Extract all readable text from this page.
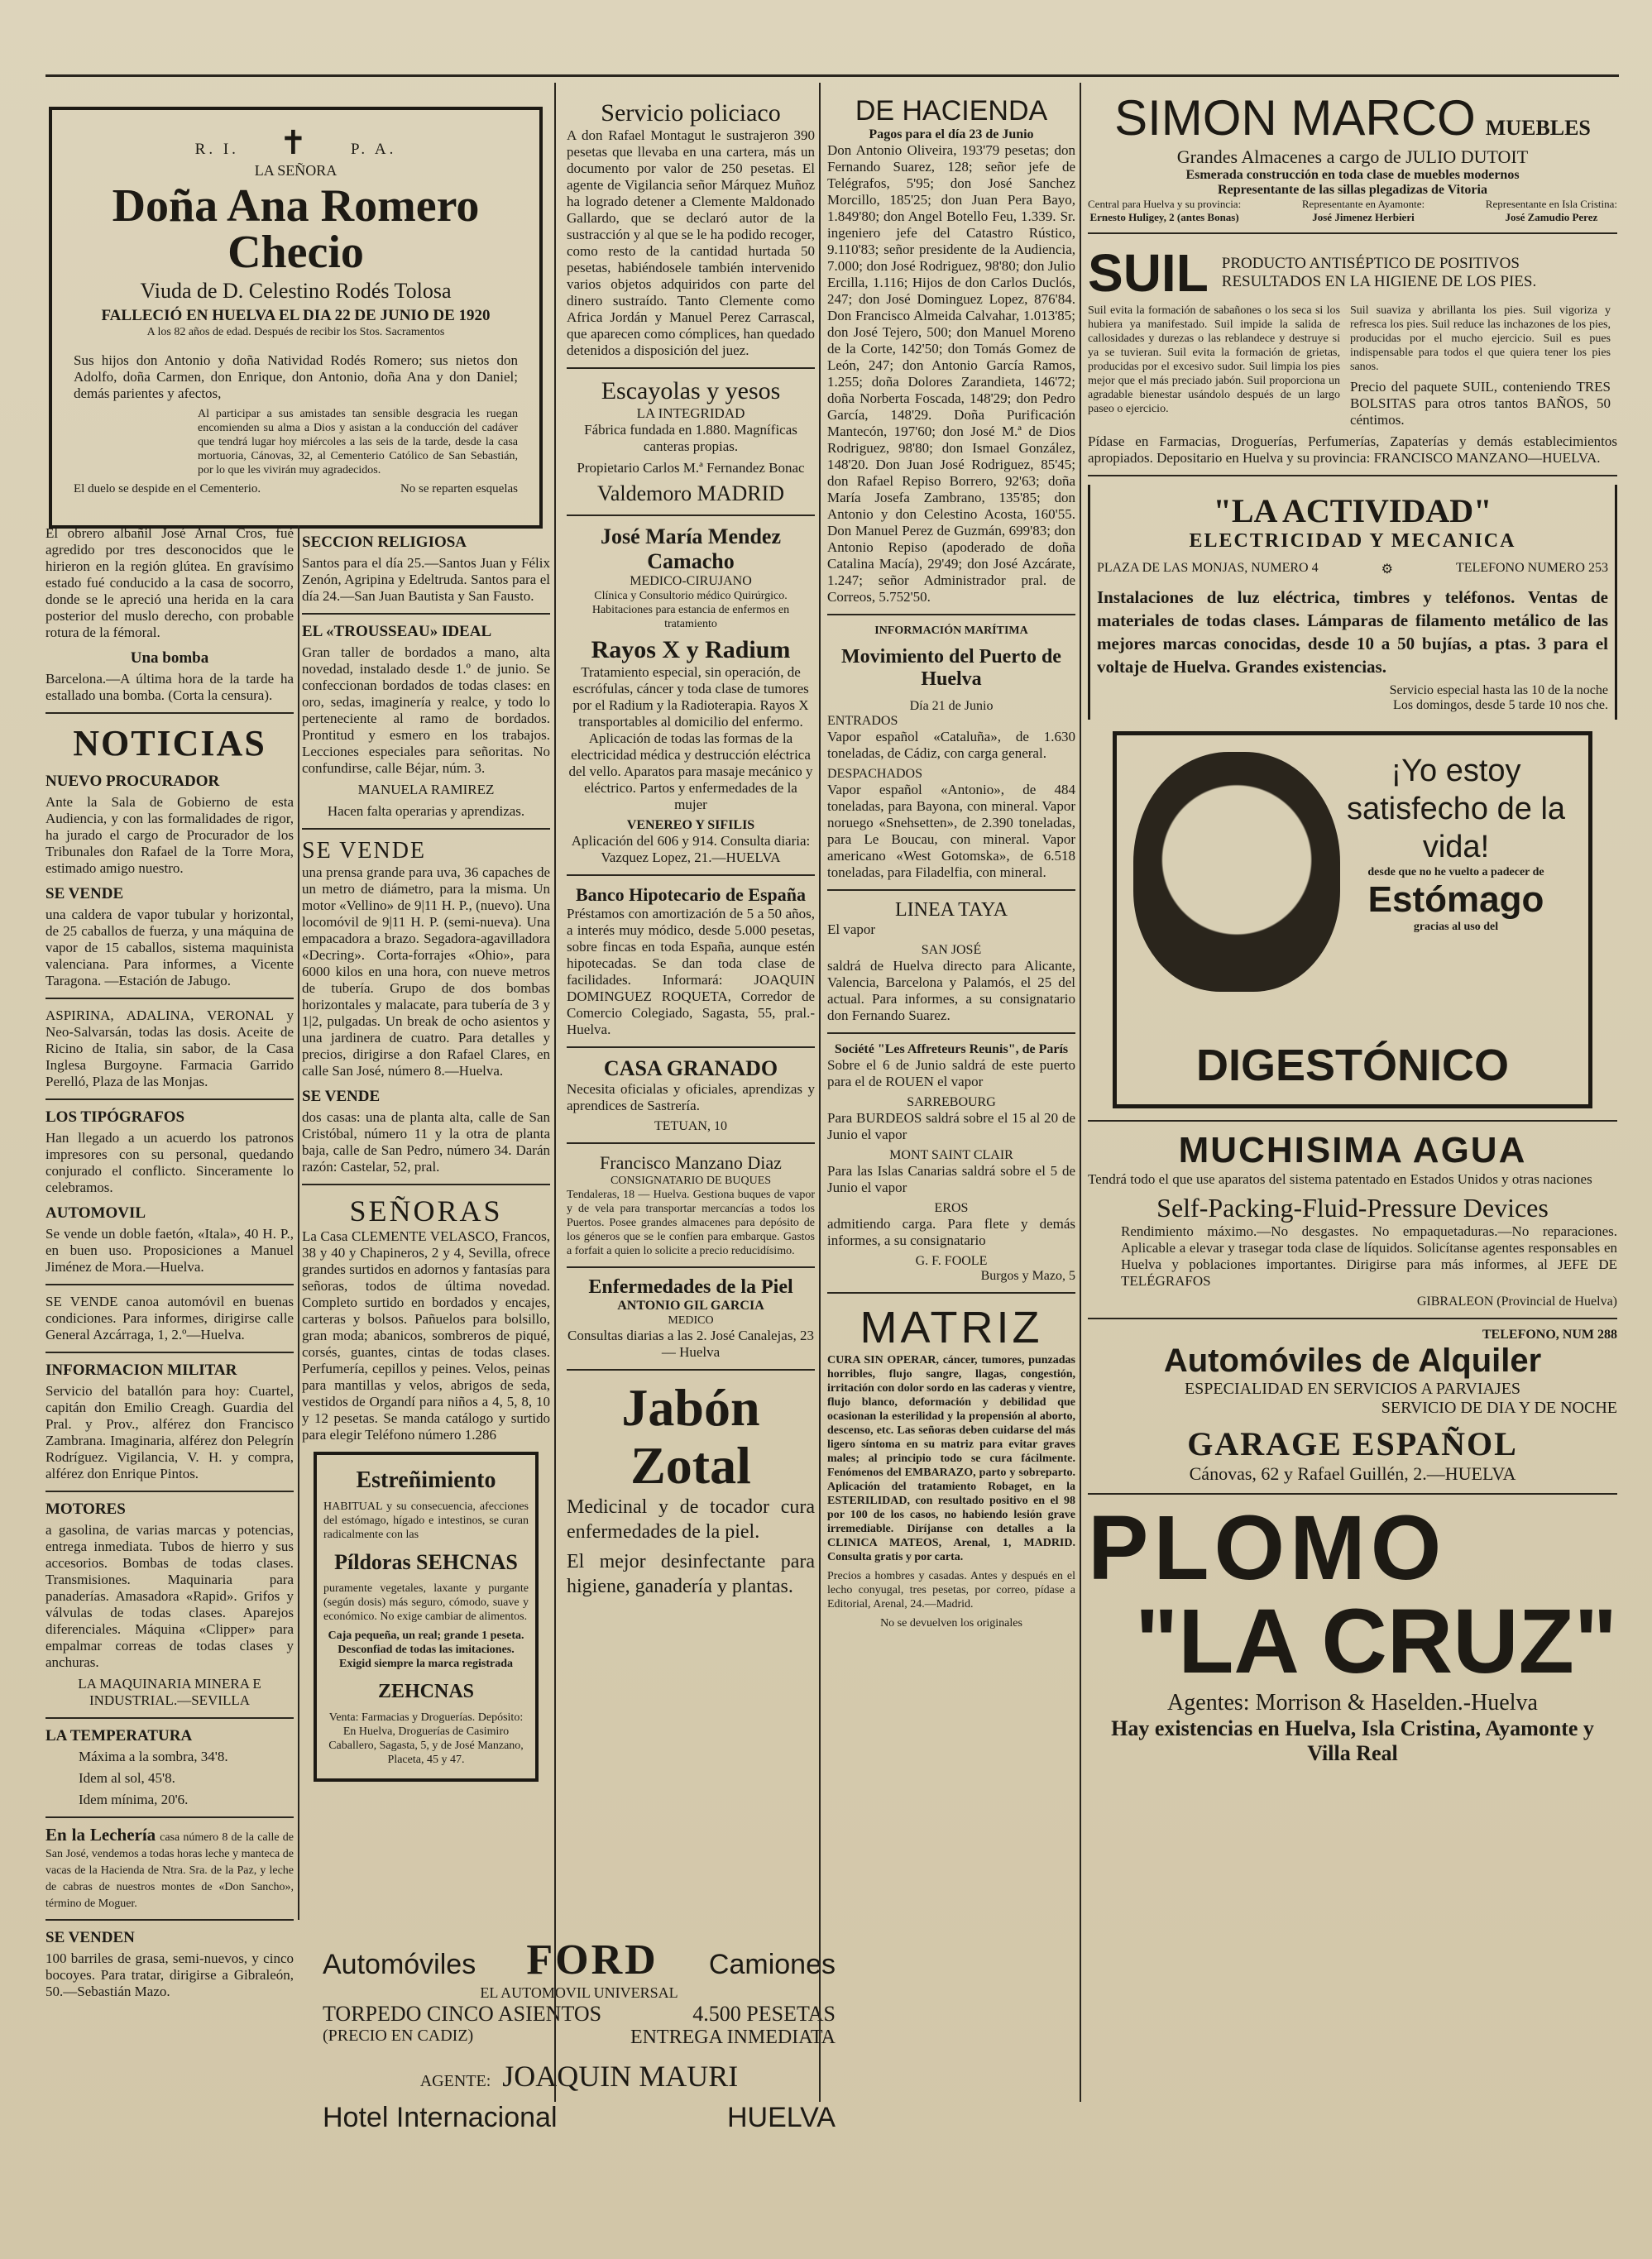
R. I. ✝	P. A.
LA SEÑORA
Doña Ana Romero Checio
Viuda de D. Celestino Rodés Tolosa
FALLECIÓ EN HUELVA EL DIA 22 DE JUNIO DE 1920
A los 82 años de edad. Después de recibir los Stos. Sacramentos

Sus hijos don Antonio y doña Natividad Rodés Romero; sus nietos don Adolfo, doña Carmen, don Enrique, don Antonio, doña Ana y don Daniel; demás parientes y afectos,

Al participar a sus amistades tan sensible desgracia les ruegan encomienden su alma a Dios y asistan a la conducción del cadáver que tendrá lugar hoy miércoles a las seis de la tarde, desde la casa mortuoria, Cánovas, 32, al Cementerio Católico de San Sebastián, por lo que les vivirán muy agradecidos.

El duelo se despide en el Cementerio.	No se reparten esquelas

El obrero albañil José Arnal Cros, fué agredido por tres desconocidos que le hirieron en la región glútea. En gravísimo estado fué conducido a la casa de socorro, donde se le apreció una herida en la cara posterior del muslo derecho, con probable rotura de la fémoral.

Una bomba

Barcelona.—A última hora de la tarde ha estallado una bomba. (Corta la censura).

NOTICIAS
NUEVO PROCURADOR

Ante la Sala de Gobierno de esta Audiencia, y con las formalidades de rigor, ha jurado el cargo de Procurador de los Tribunales don Rafael de la Torre Mora, estimado amigo nuestro.

SE VENDE

una caldera de vapor tubular y horizontal, de 25 caballos de fuerza, y una máquina de vapor de 15 caballos, sistema maquinista valenciana. Para informes, a Vicente Taragona. —Estación de Jabugo.

ASPIRINA, ADALINA, VERONAL y Neo-Salvarsán, todas las dosis. Aceite de Ricino de Italia, sin sabor, de la Casa Inglesa Burgoyne. Farmacia Garrido Perelló, Plaza de las Monjas.

LOS TIPÓGRAFOS

Han llegado a un acuerdo los patronos impresores con su personal, quedando conjurado el conflicto. Sinceramente lo celebramos.

AUTOMOVIL

Se vende un doble faetón, «Itala», 40 H. P., en buen uso. Proposiciones a Manuel Jiménez de Mora.—Huelva.

SE VENDE canoa automóvil en buenas condiciones. Para informes, dirigirse calle General Azcárraga, 1, 2.º—Huelva.

INFORMACION MILITAR

Servicio del batallón para hoy: Cuartel, capitán don Emilio Creagh. Guardia del Pral. y Prov., alférez don Francisco Zambrana. Imaginaria, alférez don Pelegrín Rodríguez. Vigilancia, V. H. y compra, alférez don Enrique Pintos.

MOTORES

a gasolina, de varias marcas y potencias, entrega inmediata. Tubos de hierro y sus accesorios. Bombas de todas clases. Transmisiones. Maquinaria para panaderías. Amasadora «Rapid». Grifos y válvulas de todas clases. Aparejos diferenciales. Máquina «Clipper» para empalmar correas de todas clases y anchuras.

LA MAQUINARIA MINERA E INDUSTRIAL.—SEVILLA

LA TEMPERATURA

Máxima a la sombra, 34'8.

Idem al sol, 45'8.

Idem mínima, 20'6.

En la Lechería casa número 8 de la calle de San José, vendemos a todas horas leche y manteca de vacas de la Hacienda de Ntra. Sra. de la Paz, y leche de cabras de nuestros montes de «Don Sancho», término de Moguer.

SE VENDEN

100 barriles de grasa, semi-nuevos, y cinco bocoyes. Para tratar, dirigirse a Gibraleón, 50.—Sebastián Mazo.

SECCION RELIGIOSA

Santos para el día 25.—Santos Juan y Félix Zenón, Agripina y Edeltruda. Santos para el día 24.—San Juan Bautista y San Fausto.

EL «TROUSSEAU» IDEAL

Gran taller de bordados a mano, alta novedad, instalado desde 1.º de junio. Se confeccionan bordados de todas clases: en oro, sedas, imaginería y realce, y todo lo perteneciente al ramo de bordados. Prontitud y esmero en los trabajos. Lecciones especiales para señoritas. No confundirse, calle Béjar, núm. 3.

MANUELA RAMIREZ

Hacen falta operarias y aprendizas.

SE VENDE

una prensa grande para uva, 36 capaches de un metro de diámetro, para la misma. Un motor «Vellino» de 9|11 H. P., (nuevo). Una locomóvil de 9|11 H. P. (semi-nueva). Una empacadora a brazo. Segadora-agavilladora «Decring». Corta-forrajes «Ohio», para 6000 kilos en una hora, con nueve metros de tubería. Grupo de dos bombas horizontales y malacate, para tubería de 3 y 1|2, pulgadas. Un break de ocho asientos y una jardinera de cuatro. Para detalles y precios, dirigirse a don Rafael Clares, en calle San José, número 8.—Huelva.

SE VENDE

dos casas: una de planta alta, calle de San Cristóbal, número 11 y la otra de planta baja, calle de San Pedro, número 34. Darán razón: Castelar, 52, pral.

SEÑORAS

La Casa CLEMENTE VELASCO, Francos, 38 y 40 y Chapineros, 2 y 4, Sevilla, ofrece grandes surtidos en adornos y fantasías para señoras, todos de última novedad. Completo surtido en bordados y encajes, carteras y bolsos. Pañuelos para bolsillo, gran moda; abanicos, sombreros de piqué, corsés, guantes, cintas de todas clases. Perfumería, cepillos y peines. Velos, peinas para mantillas y velos, abrigos de seda, vestidos de Organdí para niños a 4, 5, 8, 10 y 12 pesetas. Se manda catálogo y surtido para elegir Teléfono número 1.286

Estreñimiento

HABITUAL y su consecuencia, afecciones del estómago, hígado e intestinos, se curan radicalmente con las

Píldoras SEHCNAS

puramente vegetales, laxante y purgante (según dosis) más seguro, cómodo, suave y económico. No exige cambiar de alimentos.

Caja pequeña, un real; grande 1 peseta. Desconfiad de todas las imitaciones. Exigid siempre la marca registrada

ZEHCNAS

Venta: Farmacias y Droguerías. Depósito: En Huelva, Droguerías de Casimiro Caballero, Sagasta, 5, y de José Manzano, Placeta, 45 y 47.

Automóviles FORD Camiones
EL AUTOMOVIL UNIVERSAL
TORPEDO CINCO ASIENTOS	4.500 PESETAS
(PRECIO EN CADIZ)	ENTREGA INMEDIATA
AGENTE: JOAQUIN MAURI
Hotel Internacional	HUELVA
Servicio policiaco

A don Rafael Montagut le sustrajeron 390 pesetas que llevaba en una cartera, más un documento por valor de 250 pesetas. El agente de Vigilancia señor Márquez Muñoz ha logrado detener a Clemente Maldonado Gallardo, que se declaró autor de la sustracción y al que se le ha podido recoger, como resto de la cantidad hurtada 50 pesetas, habiéndosele también intervenido varios objetos adquiridos con parte del dinero sustraído. Tanto Clemente como Africa Jordán y Manuel Perez Carrascal, que aparecen como cómplices, han quedado detenidos a disposición del juez.

Escayolas y yesos
LA INTEGRIDAD

Fábrica fundada en 1.880. Magníficas canteras propias.

Propietario Carlos M.ª Fernandez Bonac

Valdemoro MADRID
José María Mendez Camacho
MEDICO-CIRUJANO

Clínica y Consultorio médico Quirúrgico. Habitaciones para estancia de enfermos en tratamiento

Rayos X y Radium

Tratamiento especial, sin operación, de escrófulas, cáncer y toda clase de tumores por el Radium y la Radioterapia. Rayos X transportables al domicilio del enfermo. Aplicación de todas las formas de la electricidad médica y destrucción eléctrica del vello. Aparatos para masaje mecánico y eléctrico. Partos y enfermedades de la mujer

VENEREO Y SIFILIS

Aplicación del 606 y 914. Consulta diaria: Vazquez Lopez, 21.—HUELVA

Banco Hipotecario de España

Préstamos con amortización de 5 a 50 años, a interés muy módico, desde 5.000 pesetas, sobre fincas en toda España, aunque estén hipotecadas. Se dan toda clase de facilidades. Informará: JOAQUIN DOMINGUEZ ROQUETA, Corredor de Comercio Colegiado, Sagasta, 55, pral.-Huelva.

CASA GRANADO

Necesita oficialas y oficiales, aprendizas y aprendices de Sastrería.

TETUAN, 10
Francisco Manzano Diaz
CONSIGNATARIO DE BUQUES

Tendaleras, 18 — Huelva. Gestiona buques de vapor y de vela para transportar mercancías a todos los Puertos. Posee grandes almacenes para depósito de los géneros que se le confíen para embarque. Gastos a forfait a quien lo solicite a precio reducidísimo.

Enfermedades de la Piel
ANTONIO GIL GARCIA
MEDICO

Consultas diarias a las 2. José Canalejas, 23 — Huelva

Jabón Zotal

Medicinal y de tocador cura enfermedades de la piel.

El mejor desinfectante para higiene, ganadería y plantas.

DE HACIENDA
Pagos para el día 23 de Junio

Don Antonio Oliveira, 193'79 pesetas; don Fernando Suarez, 128; señor jefe de Telégrafos, 5'95; don José Sanchez Morcillo, 185'25; don Juan Pera Bayo, 1.849'80; don Angel Botello Feu, 1.339. Sr. ingeniero jefe del Catastro Rústico, 9.110'83; señor presidente de la Audiencia, 7.000; don José Rodriguez, 98'80; don Julio Ercilla, 1.116; Hijos de don Carlos Duclós, 247; don José Dominguez Lopez, 876'84. Don Francisco Almeida Calvahar, 1.013'85; don José Tejero, 500; don Manuel Moreno de la Corte, 142'50; don Tomás Gomez de León, 247; don Antonio García Ramos, 1.255; doña Dolores Zarandieta, 146'72; doña Norberta Foscada, 148'29; don Pedro García, 148'29. Doña Purificación Mantecón, 197'60; don José M.ª de Dios Rodriguez, 98'80; don Ismael González, 148'20. Don Juan José Rodriguez, 85'45; don Rafael Repiso Borrero, 92'63; doña María Josefa Zambrano, 135'85; don Antonio y don Celestino Acosta, 160'55. Don Manuel Perez de Guzmán, 699'83; don Antonio Repiso (apoderado de doña Catalina Macía), 29'49; don José Azcárate, 1.247; señor Administrador pral. de Correos, 5.752'50.

INFORMACIÓN MARÍTIMA
Movimiento del Puerto de Huelva
Día 21 de Junio
ENTRADOS

Vapor español «Cataluña», de 1.630 toneladas, de Cádiz, con carga general.

DESPACHADOS

Vapor español «Antonio», de 484 toneladas, para Bayona, con mineral. Vapor noruego «Snehsetten», de 2.390 toneladas, para Le Boucau, con mineral. Vapor americano «West Gotomska», de 6.518 toneladas, para Filadelfia, con mineral.

LINEA TAYA

El vapor

SAN JOSÉ

saldrá de Huelva directo para Alicante, Valencia, Barcelona y Palamós, el 25 del actual. Para informes, a su consignatario don Fernando Suarez.

Société "Les Affreteurs Reunis", de París

Sobre el 6 de Junio saldrá de este puerto para el de ROUEN el vapor

SARREBOURG

Para BURDEOS saldrá sobre el 15 al 20 de Junio el vapor

MONT SAINT CLAIR

Para las Islas Canarias saldrá sobre el 5 de Junio el vapor

EROS

admitiendo carga. Para flete y demás informes, a su consignatario

G. F. FOOLE
Burgos y Mazo, 5
MATRIZ

CURA SIN OPERAR, cáncer, tumores, punzadas horribles, flujo sangre, llagas, congestión, irritación con dolor sordo en las caderas y vientre, flujo blanco, deformación y debilidad que ocasionan la esterilidad y la propensión al aborto, descenso, etc. Las señoras deben cuidarse del más ligero síntoma en su matriz para evitar graves males; al principio todo se cura fácilmente. Fenómenos del EMBARAZO, parto y sobreparto. Aplicación del tratamiento Robaget, en la ESTERILIDAD, con resultado positivo en el 98 por 100 de los casos, no habiendo lesión grave irremediable. Diríjanse con detalles a la CLINICA MATEOS, Arenal, 1, MADRID. Consulta gratis y por carta.

Precios a hombres y casadas. Antes y después en el lecho conyugal, tres pesetas, por correo, pídase a Editorial, Arenal, 24.—Madrid.

No se devuelven los originales

SIMON MARCO MUEBLES
Grandes Almacenes a cargo de JULIO DUTOIT
Esmerada construcción en toda clase de muebles modernos
Representante de las sillas plegadizas de Vitoria
Central para Huelva y su provincia:
Ernesto Huligey, 2 (antes Bonas)
Representante en Ayamonte:
José Jimenez Herbieri
Representante en Isla Cristina:
José Zamudio Perez
SUIL PRODUCTO ANTISÉPTICO DE POSITIVOS RESULTADOS EN LA HIGIENE DE LOS PIES.

Suil evita la formación de sabañones o los seca si los hubiera ya manifestado. Suil impide la salida de callosidades y durezas o las reblandece y destruye si ya se tuvieran. Suil evita la formación de grietas, producidas por el excesivo sudor. Suil limpia los pies mejor que el más preciado jabón. Suil proporciona un agradable bienestar usándolo después de un largo paseo o ejercicio.

Suil suaviza y abrillanta los pies. Suil vigoriza y refresca los pies. Suil reduce las inchazones de los pies, producidas por el mucho ejercicio. Suil es pues indispensable para todos el que quiera tener los pies sanos.

Precio del paquete SUIL, conteniendo TRES BOLSITAS para otros tantos BAÑOS, 50 céntimos.

Pídase en Farmacias, Droguerías, Perfumerías, Zapaterías y demás establecimientos apropiados. Depositario en Huelva y su provincia: FRANCISCO MANZANO—HUELVA.

"LA ACTIVIDAD"
ELECTRICIDAD Y MECANICA
PLAZA DE LAS MONJAS, NUMERO 4	⚙	TELEFONO NUMERO 253

Instalaciones de luz eléctrica, timbres y teléfonos. Ventas de materiales de todas clases. Lámparas de filamento metálico de las mejores marcas conocidas, desde 10 a 50 bujías, a ptas. 3 para el voltaje de Huelva. Grandes existencias.

Servicio especial hasta las 10 de la noche
Los domingos, desde 5 tarde 10 nos che.
¡Yo estoy satisfecho de la vida!
desde que no he vuelto a padecer de
Estómago
gracias al uso del
DIGESTÓNICO
MUCHISIMA AGUA

Tendrá todo el que use aparatos del sistema patentado en Estados Unidos y otras naciones

Self-Packing-Fluid-Pressure Devices

Rendimiento máximo.—No desgastes. No empaquetaduras.—No reparaciones. Aplicable a elevar y trasegar toda clase de líquidos. Solicítanse agentes responsables en Huelva y poblaciones importantes. Dirigirse para más informes, al JEFE DE TELÉGRAFOS

GIBRALEON (Provincial de Huelva)
TELEFONO, NUM 288
Automóviles de Alquiler
ESPECIALIDAD EN SERVICIOS A PARVIAJES
SERVICIO DE DIA Y DE NOCHE
GARAGE ESPAÑOL
Cánovas, 62 y Rafael Guillén, 2.—HUELVA
PLOMO
"LA CRUZ"
Agentes: Morrison & Haselden.-Huelva
Hay existencias en Huelva, Isla Cristina, Ayamonte y Villa Real
